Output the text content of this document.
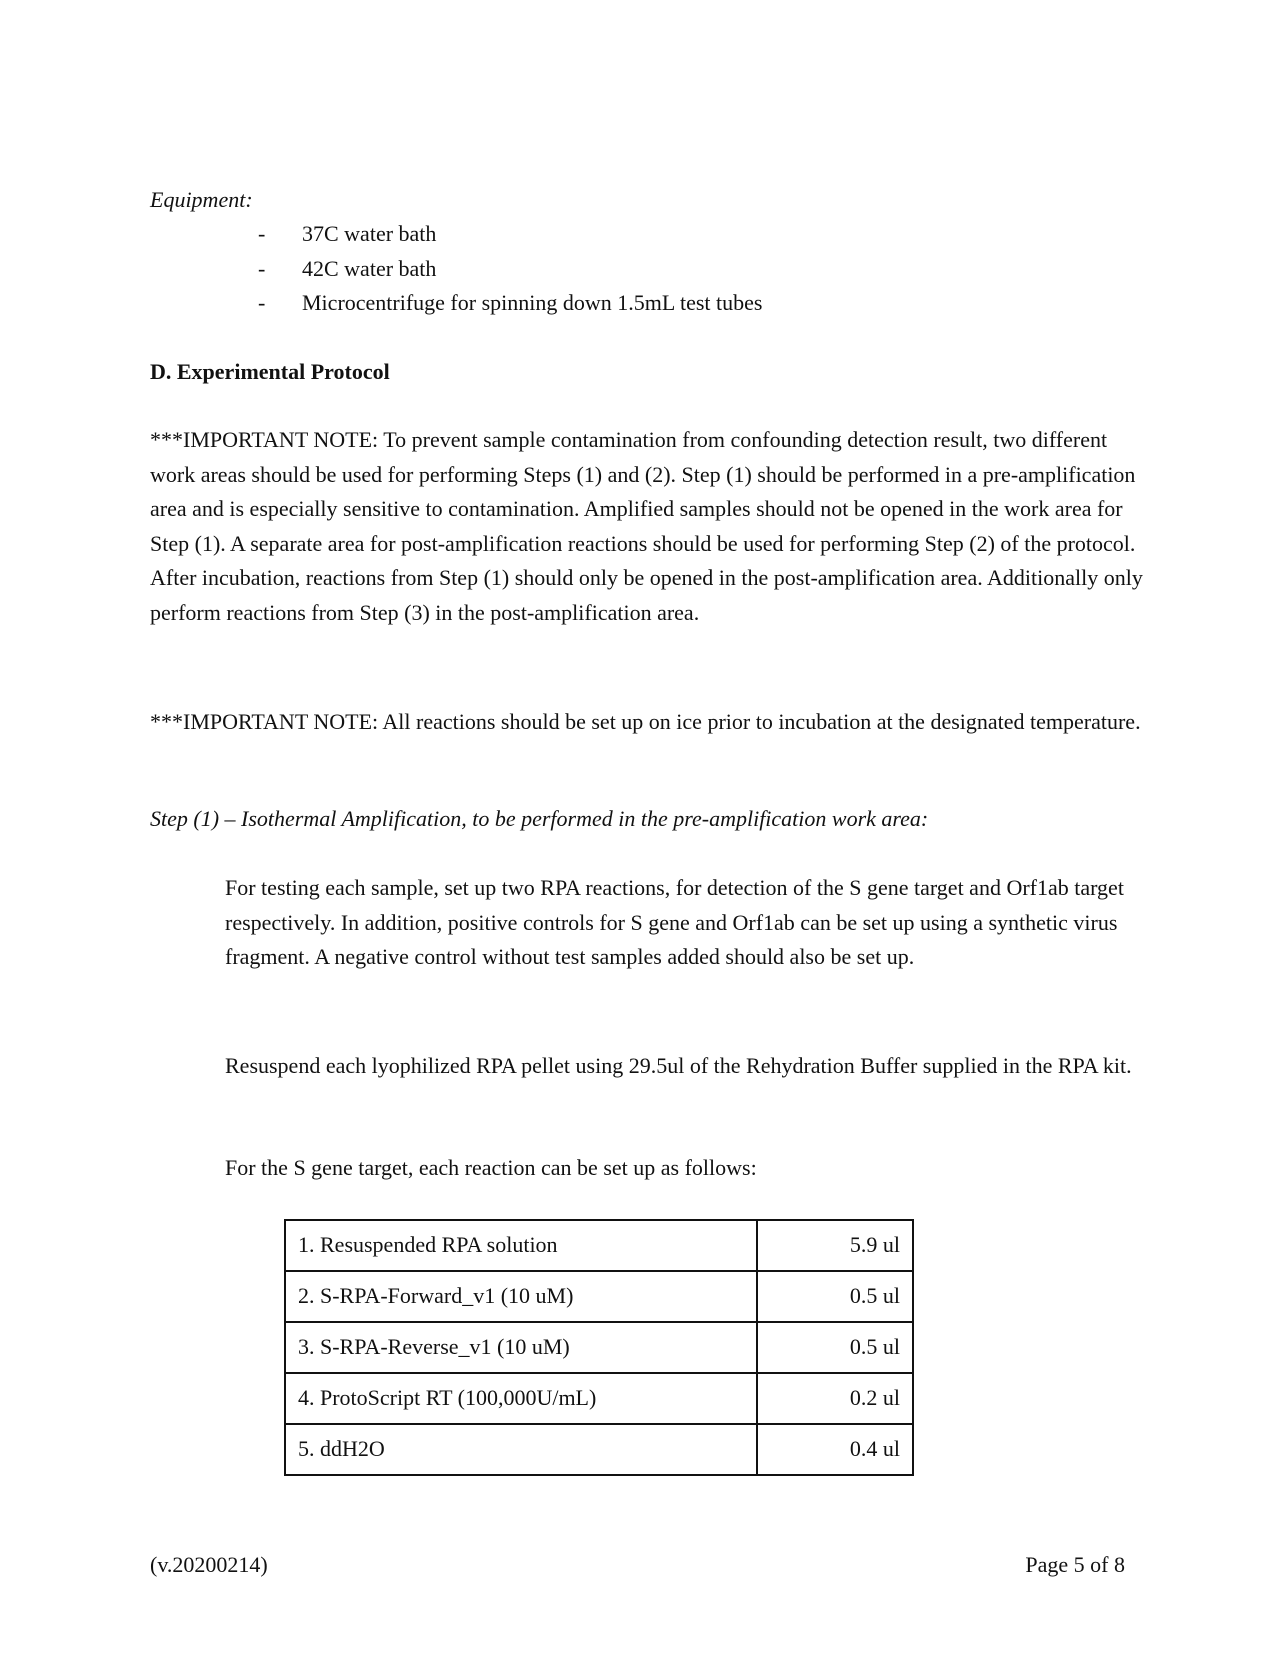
Equipment:
- 37C water bath
- 42C water bath
- Microcentrifuge for spinning down 1.5mL test tubes
D. Experimental Protocol

***IMPORTANT NOTE: To prevent sample contamination from confounding detection result, two different work areas should be used for performing Steps (1) and (2). Step (1) should be performed in a pre-amplification area and is especially sensitive to contamination. Amplified samples should not be opened in the work area for Step (1). A separate area for post-amplification reactions should be used for performing Step (2) of the protocol. After incubation, reactions from Step (1) should only be opened in the post-amplification area. Additionally only perform reactions from Step (3) in the post-amplification area.

***IMPORTANT NOTE: All reactions should be set up on ice prior to incubation at the designated temperature.

Step (1) – Isothermal Amplification, to be performed in the pre-amplification work area:

For testing each sample, set up two RPA reactions, for detection of the S gene target and Orf1ab target respectively. In addition, positive controls for S gene and Orf1ab can be set up using a synthetic virus fragment. A negative control without test samples added should also be set up.

Resuspend each lyophilized RPA pellet using 29.5ul of the Rehydration Buffer supplied in the RPA kit.

For the S gene target, each reaction can be set up as follows:

1. Resuspended RPA solution	5.9 ul
2. S-RPA-Forward_v1 (10 uM)	0.5 ul
3. S-RPA-Reverse_v1 (10 uM)	0.5 ul
4. ProtoScript RT (100,000U/mL)	0.2 ul
5. ddH2O	0.4 ul
(v.20200214)	Page 5 of 8
